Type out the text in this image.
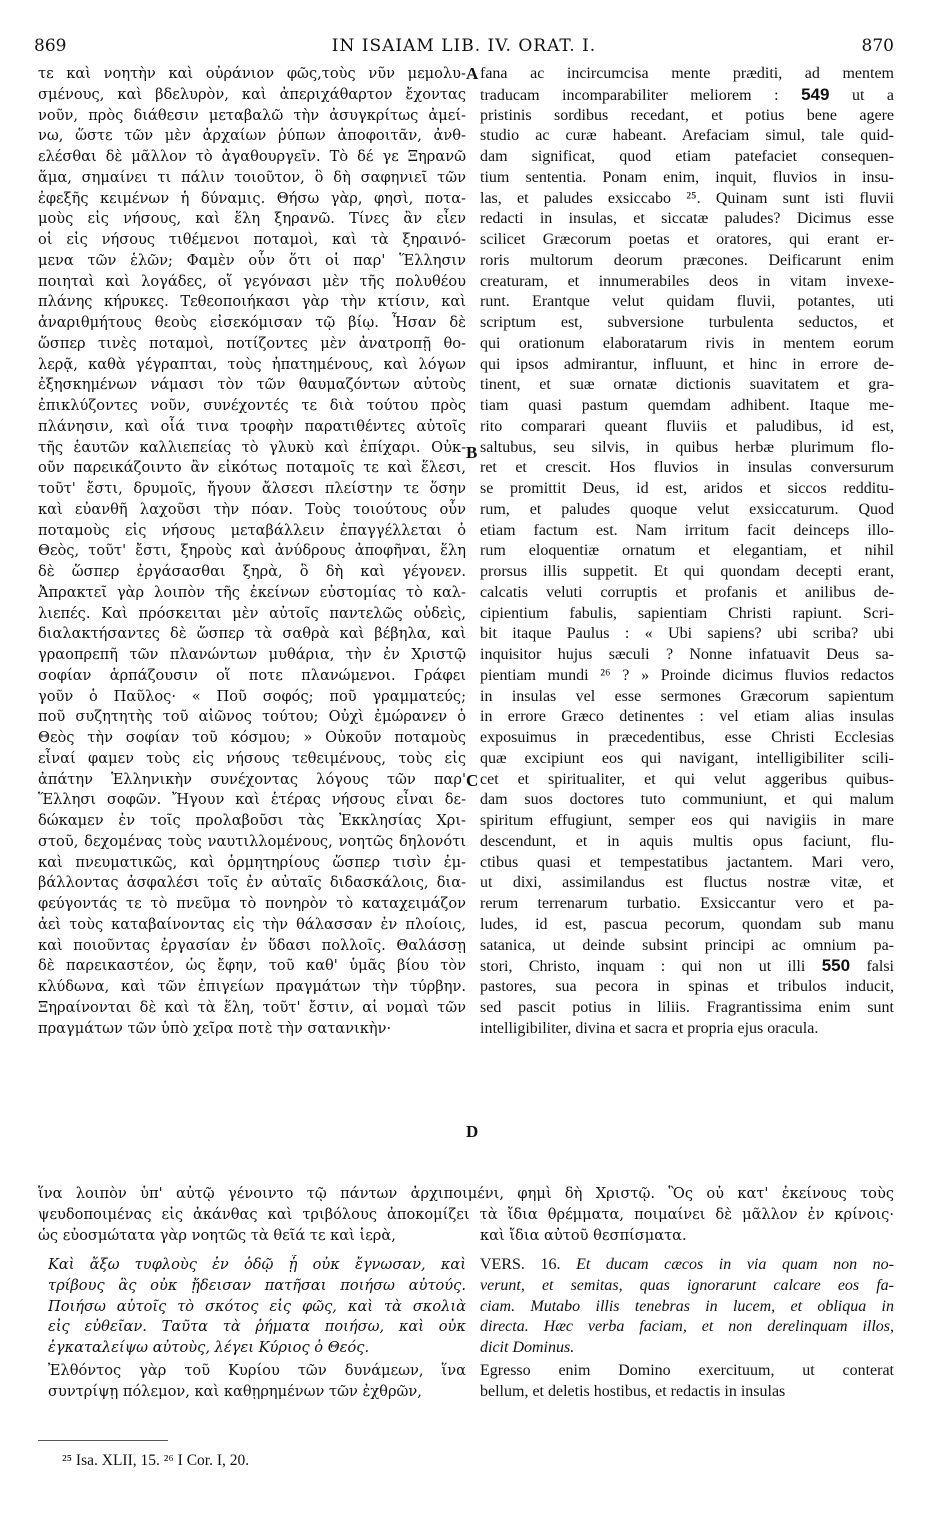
869	IN ISAIAM LIB. IV. ORAT. I.	870
τε καὶ νοητὴν καὶ οὐράνιον φῶς,τοὺς νῦν μεμολυ-
σμένους, καὶ βδελυρὸν, καὶ ἀπεριχάθαρτον ἔχοντας
νοῦν, πρὸς διάθεσιν μεταβαλῶ τὴν ἀσυγκρίτως ἀμεί-
νω, ὥστε τῶν μὲν ἀρχαίων ῥύπων ἀποφοιτᾶν, ἀνθ-
ελέσθαι δὲ μᾶλλον τὸ ἀγαθουργεῖν. Τὸ δέ γε Ξηρανῶ
ἅμα, σημαίνει τι πάλιν τοιοῦτον, ὃ δὴ σαφηνιεῖ τῶν
ἐφεξῆς κειμένων ἡ δύναμις. Θήσω γὰρ, φησὶ, ποτα-
μοὺς εἰς νήσους, καὶ ἕλη ξηρανῶ. Τίνες ἂν εἶεν
οἱ εἰς νήσους τιθέμενοι ποταμοὶ, καὶ τὰ ξηραινό-
μενα τῶν ἑλῶν; Φαμὲν οὖν ὅτι οἱ παρ' Ἕλλησιν
ποιηταὶ καὶ λογάδες, οἵ γεγόνασι μὲν τῆς πολυθέου
πλάνης κήρυκες. Τεθεοποιήκασι γὰρ τὴν κτίσιν, καὶ
ἀναριθμήτους θεοὺς εἰσεκόμισαν τῷ βίῳ. Ἦσαν δὲ
ὥσπερ τινὲς ποταμοὶ, ποτίζοντες μὲν ἀνατροπῇ θο-
λερᾷ, καθὰ γέγραπται, τοὺς ἠπατημένους, καὶ λόγων
ἐξησκημένων νάμασι τὸν τῶν θαυμαζόντων αὐτοὺς
ἐπικλύζοντες νοῦν, συνέχοντές τε διὰ τούτου πρὸς
πλάνησιν, καὶ οἷά τινα τροφὴν παρατιθέντες αὐτοῖς
τῆς ἑαυτῶν καλλιεπείας τὸ γλυκὺ καὶ ἐπίχαρι. Οὐκ-
οῦν παρεικάζοιντο ἂν εἰκότως ποταμοῖς τε καὶ ἕλεσι,
τοῦτ' ἔστι, δρυμοῖς, ἤγουν ἄλσεσι πλείστην τε ὅσην
καὶ εὐανθῆ λαχοῦσι τὴν πόαν. Τοὺς τοιούτους οὖν
ποταμοὺς εἰς νήσους μεταβάλλειν ἐπαγγέλλεται ὁ
Θεὸς, τοῦτ' ἔστι, ξηροὺς καὶ ἀνύδρους ἀποφῆναι, ἕλη
δὲ ὥσπερ ἐργάσασθαι ξηρὰ, ὃ δὴ καὶ γέγονεν.
Ἀπρακτεῖ γὰρ λοιπὸν τῆς ἐκείνων εὐστομίας τὸ καλ-
λιεπές. Καὶ πρόσκειται μὲν αὐτοῖς παντελῶς οὐδεὶς,
διαλακτήσαντες δὲ ὥσπερ τὰ σαθρὰ καὶ βέβηλα, καὶ
γραοπρεπῆ τῶν πλανώντων μυθάρια, τὴν ἐν Χριστῷ
σοφίαν ἁρπάζουσιν οἵ ποτε πλανώμενοι. Γράφει
γοῦν ὁ Παῦλος· « Ποῦ σοφός; ποῦ γραμματεύς;
ποῦ συζητητὴς τοῦ αἰῶνος τούτου; Οὐχὶ ἐμώρανεν ὁ
Θεὸς τὴν σοφίαν τοῦ κόσμου; » Οὐκοῦν ποταμοὺς
εἶναί φαμεν τοὺς εἰς νήσους τεθειμένους, τοὺς εἰς
ἀπάτην Ἑλληνικὴν συνέχοντας λόγους τῶν παρ'
Ἕλλησι σοφῶν. Ἤγουν καὶ ἑτέρας νήσους εἶναι δε-
δώκαμεν ἐν τοῖς προλαβοῦσι τὰς Ἐκκλησίας Χρι-
στοῦ, δεχομένας τοὺς ναυτιλλομένους, νοητῶς δηλονότι
καὶ πνευματικῶς, καὶ ὁρμητηρίους ὥσπερ τισὶν ἐμ-
βάλλοντας ἀσφαλέσι τοῖς ἐν αὐταῖς διδασκάλοις, δια-
φεύγοντάς τε τὸ πνεῦμα τὸ πονηρὸν τὸ καταχειμάζον
ἀεὶ τοὺς καταβαίνοντας εἰς τὴν θάλασσαν ἐν πλοίοις,
καὶ ποιοῦντας ἐργασίαν ἐν ὕδασι πολλοῖς. Θαλάσσῃ
δὲ παρεικαστέον, ὡς ἔφην, τοῦ καθ' ὑμᾶς βίου τὸν
κλύδωνα, καὶ τῶν ἐπιγείων πραγμάτων τὴν τύρβην.
Ξηραίνονται δὲ καὶ τὰ ἕλη, τοῦτ' ἔστιν, αἱ νομαὶ τῶν
πραγμάτων τῶν ὑπὸ χεῖρα ποτὲ τὴν σατανικὴν·
fana ac incircumcisa mente præditi, ad mentem
traducam incomparabiliter meliorem : 549 ut a
pristinis sordibus recedant, et potius bene agere
studio ac curæ habeant. Arefaciam simul, tale quid-
dam significat, quod etiam patefaciet consequen-
tium sententia. Ponam enim, inquit, fluvios in insu-
las, et paludes exsiccabo ²⁵. Quinam sunt isti fluvii
redacti in insulas, et siccatæ paludes? Dicimus esse
scilicet Græcorum poetas et oratores, qui erant er-
roris multorum deorum præcones. Deificarunt enim
creaturam, et innumerabiles deos in vitam invexe-
runt. Erantque velut quidam fluvii, potantes, uti
scriptum est, subversione turbulenta seductos, et
qui orationum elaboratarum rivis in mentem eorum
qui ipsos admirantur, influunt, et hinc in errore de-
tinent, et suæ ornatæ dictionis suavitatem et gra-
tiam quasi pastum quemdam adhibent. Itaque me-
rito comparari queant fluviis et paludibus, id est,
saltubus, seu silvis, in quibus herbæ plurimum flo-
ret et crescit. Hos fluvios in insulas conversurum
se promittit Deus, id est, aridos et siccos redditu-
rum, et paludes quoque velut exsiccaturum. Quod
etiam factum est. Nam irritum facit deinceps illo-
rum eloquentiæ ornatum et elegantiam, et nihil
prorsus illis suppetit. Et qui quondam decepti erant,
calcatis veluti corruptis et profanis et anilibus de-
cipientium fabulis, sapientiam Christi rapiunt. Scri-
bit itaque Paulus : « Ubi sapiens? ubi scriba? ubi
inquisitor hujus sæculi ? Nonne infatuavit Deus sa-
pientiam mundi ²⁶ ? » Proinde dicimus fluvios redactos
in insulas vel esse sermones Græcorum sapientum
in errore Græco detinentes : vel etiam alias insulas
exposuimus in præcedentibus, esse Christi Ecclesias
quæ excipiunt eos qui navigant, intelligibiliter scili-
cet et spiritualiter, et qui velut aggeribus quibus-
dam suos doctores tuto communiunt, et qui malum
spiritum effugiunt, semper eos qui navigiis in mare
descendunt, et in aquis multis opus faciunt, flu-
ctibus quasi et tempestatibus jactantem. Mari vero,
ut dixi, assimilandus est fluctus nostræ vitæ, et
rerum terrenarum turbatio. Exsiccantur vero et pa-
ludes, id est, pascua pecorum, quondam sub manu
satanica, ut deinde subsint principi ac omnium pa-
stori, Christo, inquam : qui non ut illi 550 falsi
pastores, sua pecora in spinas et tribulos inducit,
sed pascit potius in liliis. Fragrantissima enim sunt
intelligibiliter, divina et sacra et propria ejus oracula.
A
B
C
D
ἵνα λοιπὸν ὑπ' αὐτῷ γένοιντο τῷ πάντων ἀρχιποιμένι, φημὶ δὴ Χριστῷ. Ὃς οὐ κατ' ἐκείνους τοὺς
ψευδοποιμένας εἰς ἀκάνθας καὶ τριβόλους ἀποκομίζει τὰ ἴδια θρέμματα, ποιμαίνει δὲ μᾶλλον ἐν κρίνοις·
ὡς εὐοσμώτατα γὰρ νοητῶς τὰ θεῖά τε καὶ ἱερὰ,	καὶ ἴδια αὐτοῦ θεσπίσματα.
Καὶ ἄξω τυφλοὺς ἐν ὁδῷ ᾗ οὐκ ἔγνωσαν, καὶ
τρίβους ἃς οὐκ ᾔδεισαν πατῆσαι ποιήσω αὐτούς.
Ποιήσω αὐτοῖς τὸ σκότος εἰς φῶς, καὶ τὰ σκολιὰ
εἰς εὐθεῖαν. Ταῦτα τὰ ῥήματα ποιήσω, καὶ οὐκ
ἐγκαταλείψω αὐτοὺς, λέγει Κύριος ὁ Θεός.
Ἐλθόντος γὰρ τοῦ Κυρίου τῶν δυνάμεων, ἵνα
συντρίψῃ πόλεμον, καὶ καθῃρημένων τῶν ἐχθρῶν,
VERS. 16. Et ducam cæcos in via quam non no-
verunt, et semitas, quas ignorarunt calcare eos fa-
ciam. Mutabo illis tenebras in lucem, et obliqua in
directa. Hæc verba faciam, et non derelinquam illos,
dicit Dominus.
Egresso enim Domino exercituum, ut conterat
bellum, et deletis hostibus, et redactis in insulas
²⁵ Isa. XLII, 15. ²⁶ I Cor. I, 20.
